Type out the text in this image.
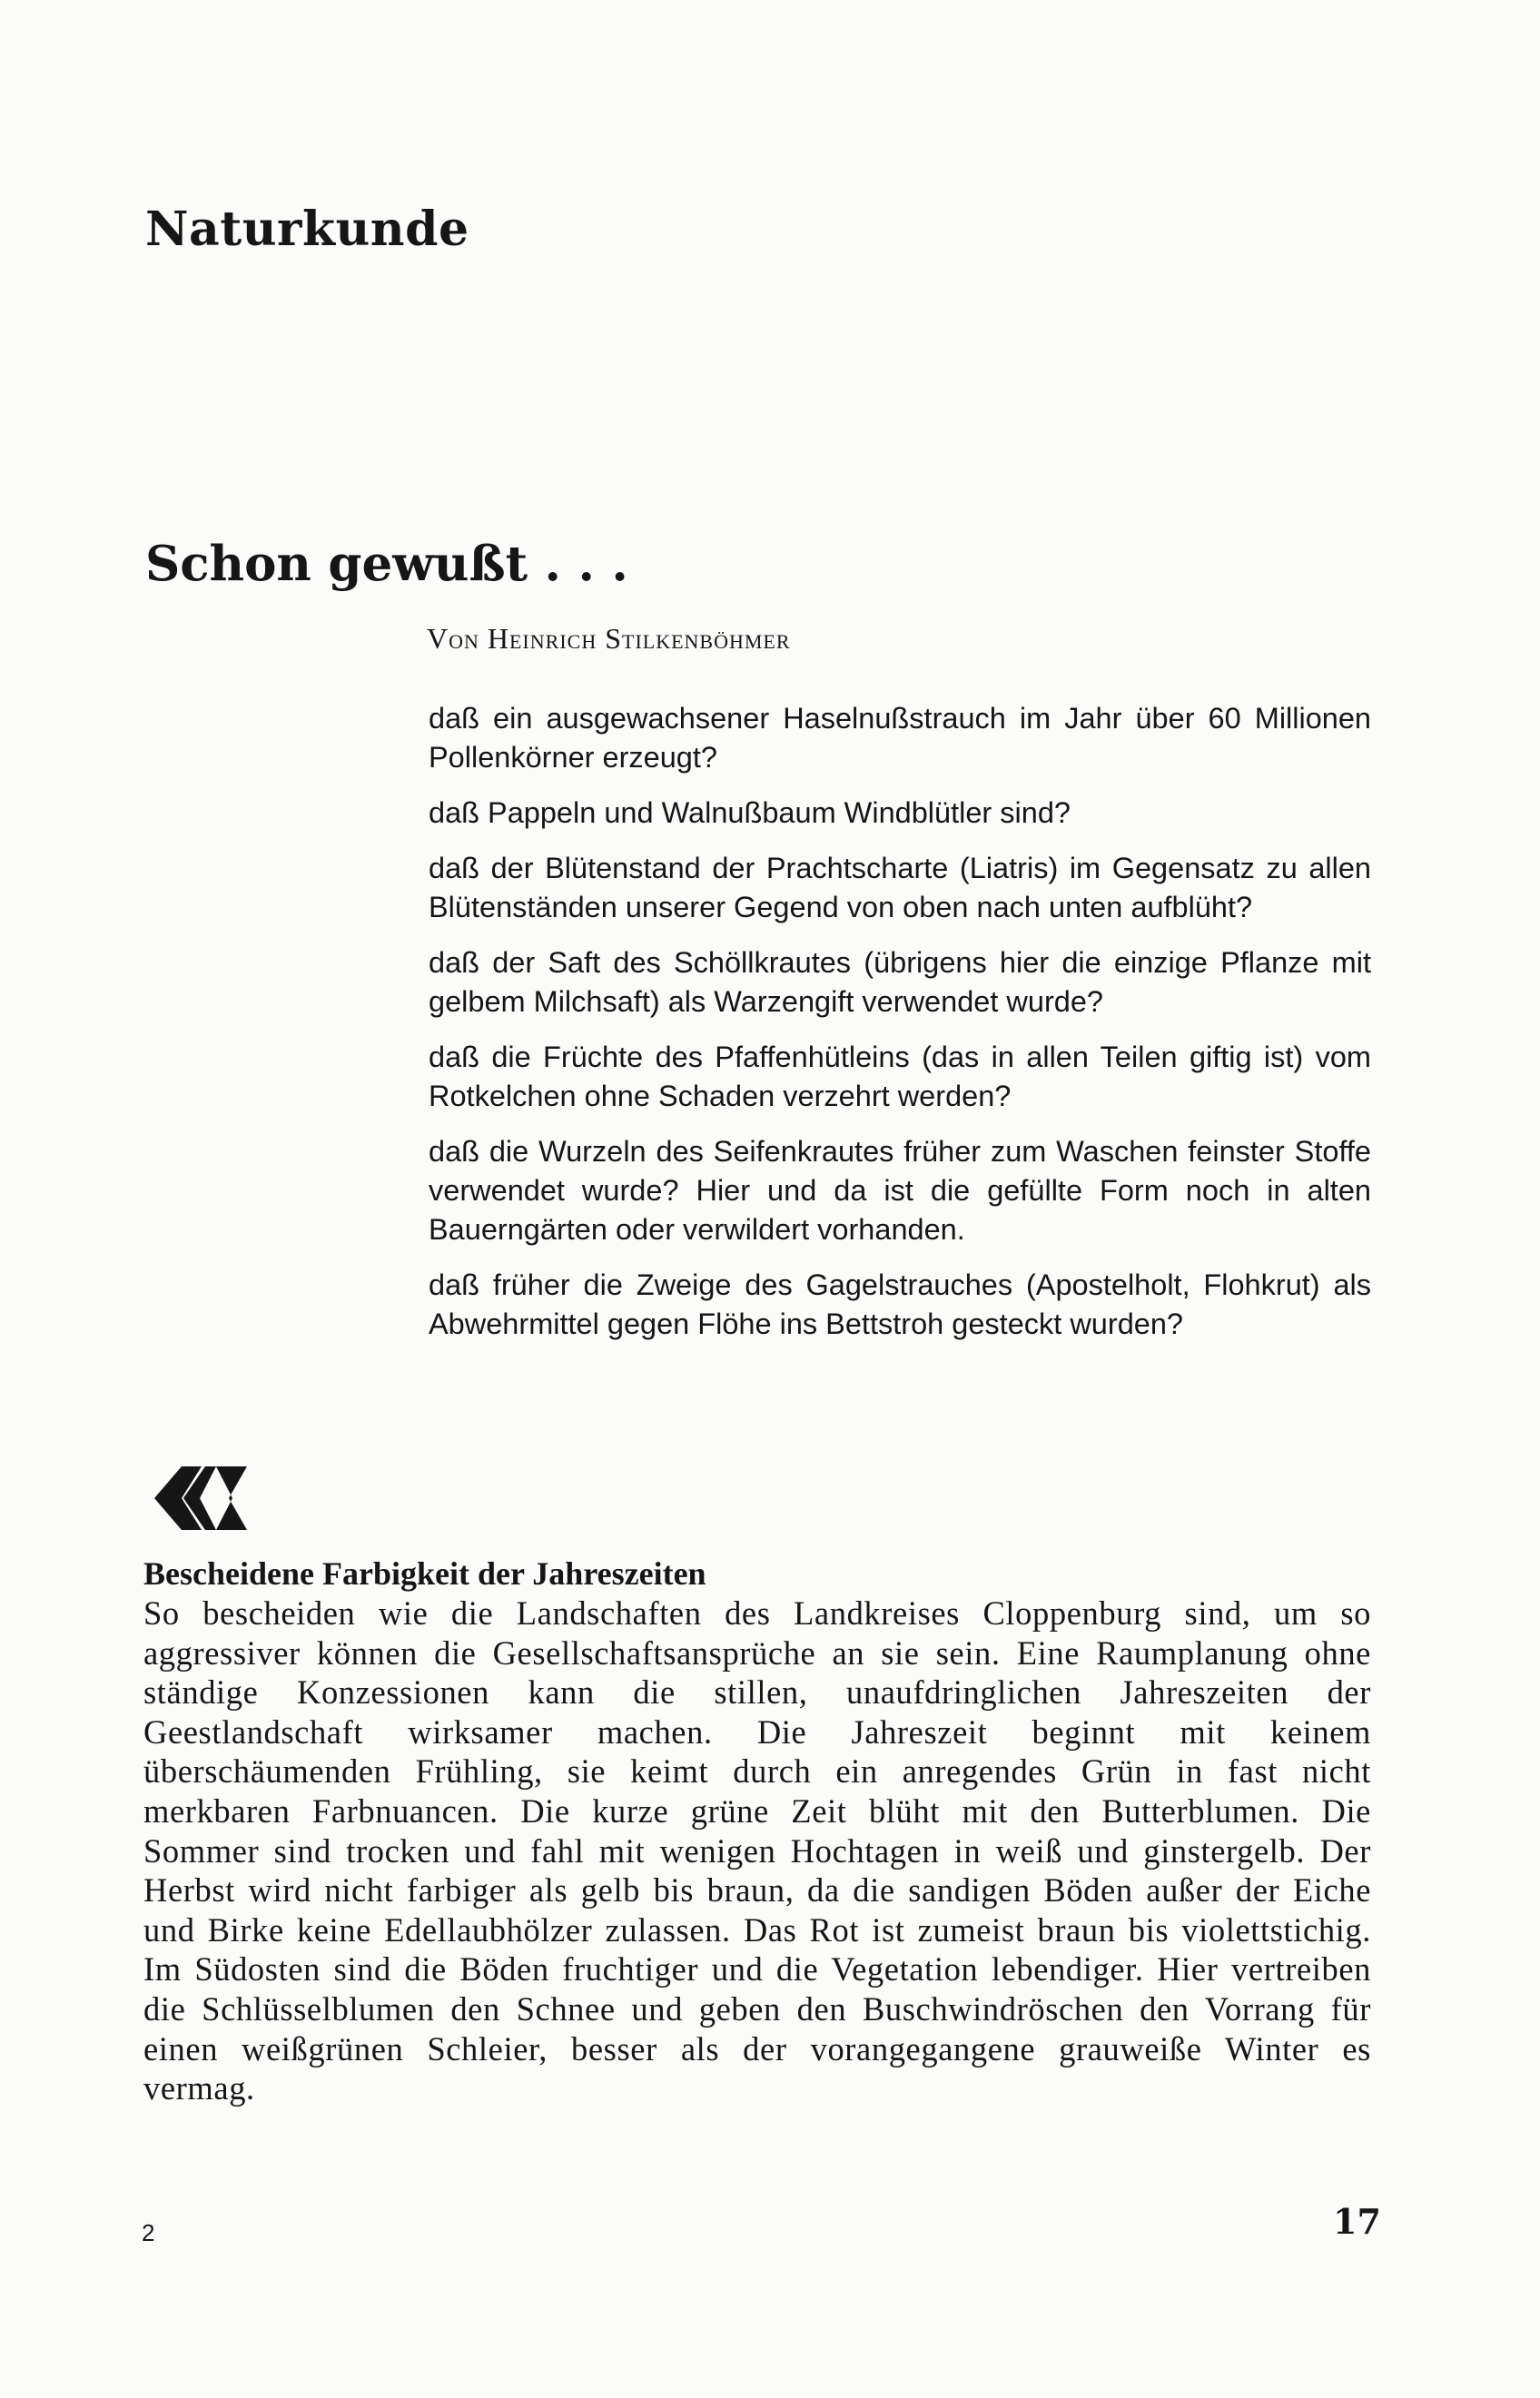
Naturkunde
Schon gewußt . . .
Von Heinrich Stilkenböhmer

daß ein ausgewachsener Haselnußstrauch im Jahr über 60 Millionen Pollenkörner erzeugt?

daß Pappeln und Walnußbaum Windblütler sind?

daß der Blütenstand der Prachtscharte (Liatris) im Gegensatz zu allen Blütenständen unserer Gegend von oben nach unten aufblüht?

daß der Saft des Schöllkrautes (übrigens hier die einzige Pflanze mit gelbem Milchsaft) als Warzengift verwendet wurde?

daß die Früchte des Pfaffenhütleins (das in allen Teilen giftig ist) vom Rotkelchen ohne Schaden verzehrt werden?

daß die Wurzeln des Seifenkrautes früher zum Waschen feinster Stoffe verwendet wurde? Hier und da ist die gefüllte Form noch in alten Bauerngärten oder verwildert vorhanden.

daß früher die Zweige des Gagelstrauches (Apostelholt, Flohkrut) als Abwehrmittel gegen Flöhe ins Bettstroh gesteckt wurden?

Bescheidene Farbigkeit der Jahreszeiten

So bescheiden wie die Landschaften des Landkreises Cloppenburg sind, um so aggressiver können die Gesellschaftsansprüche an sie sein. Eine Raumplanung ohne ständige Konzessionen kann die stillen, unaufdringlichen Jahreszeiten der Geestlandschaft wirksamer machen. Die Jahreszeit beginnt mit keinem überschäumenden Frühling, sie keimt durch ein anregendes Grün in fast nicht merkbaren Farbnuancen. Die kurze grüne Zeit blüht mit den Butterblumen. Die Sommer sind trocken und fahl mit wenigen Hochtagen in weiß und ginstergelb. Der Herbst wird nicht farbiger als gelb bis braun, da die sandigen Böden außer der Eiche und Birke keine Edellaubhölzer zulassen. Das Rot ist zumeist braun bis violettstichig. Im Südosten sind die Böden fruchtiger und die Vegetation lebendiger. Hier vertreiben die Schlüsselblumen den Schnee und geben den Buschwindröschen den Vorrang für einen weißgrünen Schleier, besser als der vorangegangene grauweiße Winter es vermag.

2	17
